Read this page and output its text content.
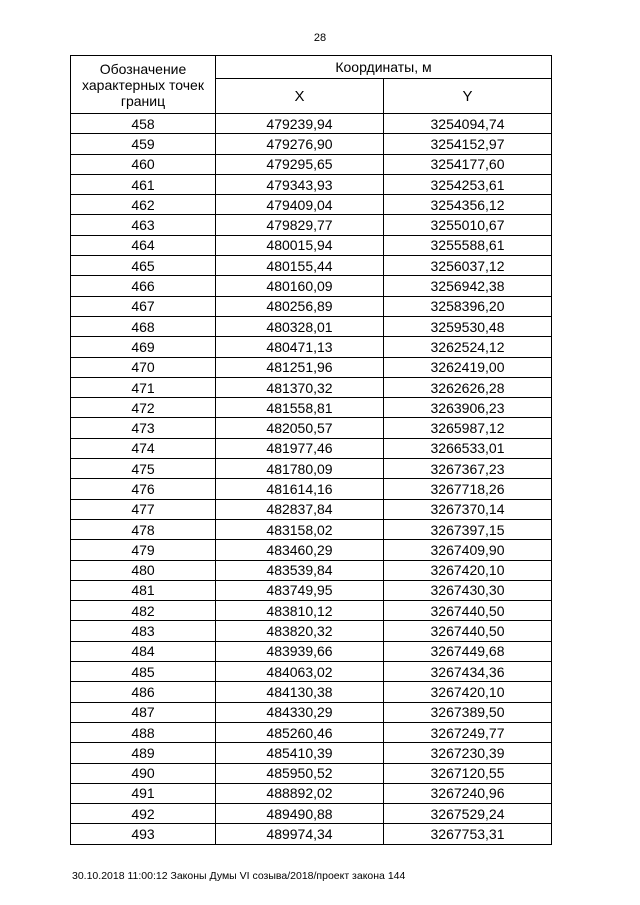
28
Обозначение характерных точек границ	Координаты, м	
	X	Y
458	479239,94	3254094,74
459	479276,90	3254152,97
460	479295,65	3254177,60
461	479343,93	3254253,61
462	479409,04	3254356,12
463	479829,77	3255010,67
464	480015,94	3255588,61
465	480155,44	3256037,12
466	480160,09	3256942,38
467	480256,89	3258396,20
468	480328,01	3259530,48
469	480471,13	3262524,12
470	481251,96	3262419,00
471	481370,32	3262626,28
472	481558,81	3263906,23
473	482050,57	3265987,12
474	481977,46	3266533,01
475	481780,09	3267367,23
476	481614,16	3267718,26
477	482837,84	3267370,14
478	483158,02	3267397,15
479	483460,29	3267409,90
480	483539,84	3267420,10
481	483749,95	3267430,30
482	483810,12	3267440,50
483	483820,32	3267440,50
484	483939,66	3267449,68
485	484063,02	3267434,36
486	484130,38	3267420,10
487	484330,29	3267389,50
488	485260,46	3267249,77
489	485410,39	3267230,39
490	485950,52	3267120,55
491	488892,02	3267240,96
492	489490,88	3267529,24
493	489974,34	3267753,31
30.10.2018 11:00:12 Законы Думы VI созыва/2018/проект закона 144
